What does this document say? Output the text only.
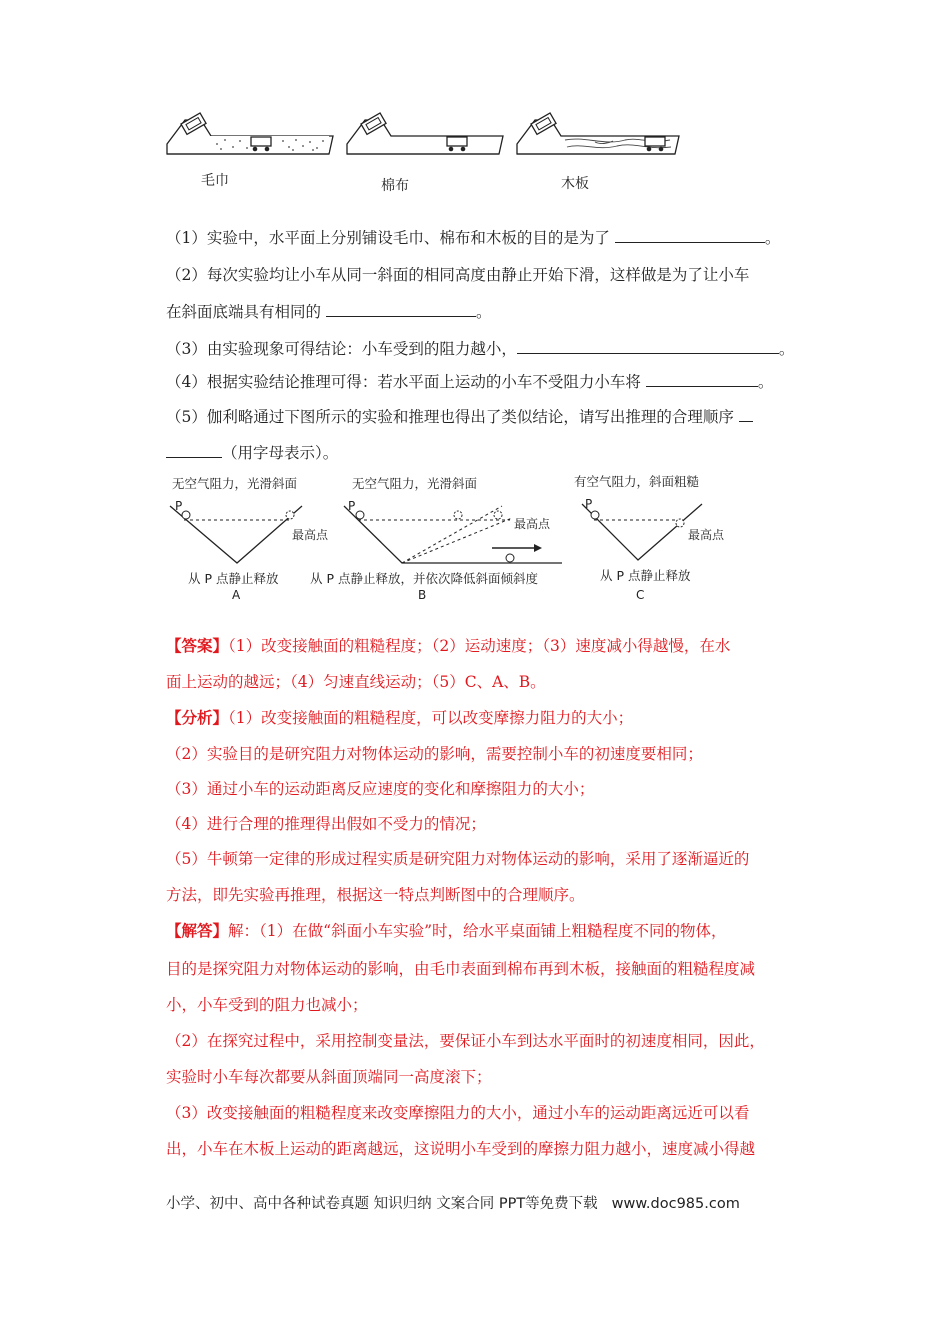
毛巾	棉布	木板
（1）实验中，水平面上分别铺设毛巾、棉布和木板的目的是为了	。
（2）每次实验均让小车从同一斜面的相同高度由静止开始下滑，这样做是为了让小车
在斜面底端具有相同的	。
（3）由实验现象可得结论：小车受到的阻力越小，	。
（4）根据实验结论推理可得：若水平面上运动的小车不受阻力小车将	。
（5）伽利略通过下图所示的实验和推理也得出了类似结论，请写出推理的合理顺序
（用字母表示）。
无空气阻力，光滑斜面
P
最高点
从 P 点静止释放
A
无空气阻力，光滑斜面
P
最高点
从 P 点静止释放，并依次降低斜面倾斜度
B
有空气阻力，斜面粗糙
P
最高点
从 P 点静止释放
C
【答案】（1）改变接触面的粗糙程度；（2）运动速度；（3）速度减小得越慢，在水
面上运动的越远；（4）匀速直线运动；（5）C、A、B。
【分析】（1）改变接触面的粗糙程度，可以改变摩擦力阻力的大小；
（2）实验目的是研究阻力对物体运动的影响，需要控制小车的初速度要相同；
（3）通过小车的运动距离反应速度的变化和摩擦阻力的大小；
（4）进行合理的推理得出假如不受力的情况；
（5）牛顿第一定律的形成过程实质是研究阻力对物体运动的影响，采用了逐渐逼近的
方法，即先实验再推理，根据这一特点判断图中的合理顺序。
【解答】解：（1）在做“斜面小车实验”时，给水平桌面铺上粗糙程度不同的物体，
目的是探究阻力对物体运动的影响，由毛巾表面到棉布再到木板，接触面的粗糙程度减
小，小车受到的阻力也减小；
（2）在探究过程中，采用控制变量法，要保证小车到达水平面时的初速度相同，因此，
实验时小车每次都要从斜面顶端同一高度滚下；
（3）改变接触面的粗糙程度来改变摩擦阻力的大小，通过小车的运动距离远近可以看
出，小车在木板上运动的距离越远，这说明小车受到的摩擦力阻力越小，速度减小得越
小学、初中、高中各种试卷真题 知识归纳 文案合同 PPT等免费下载 www.doc985.com
